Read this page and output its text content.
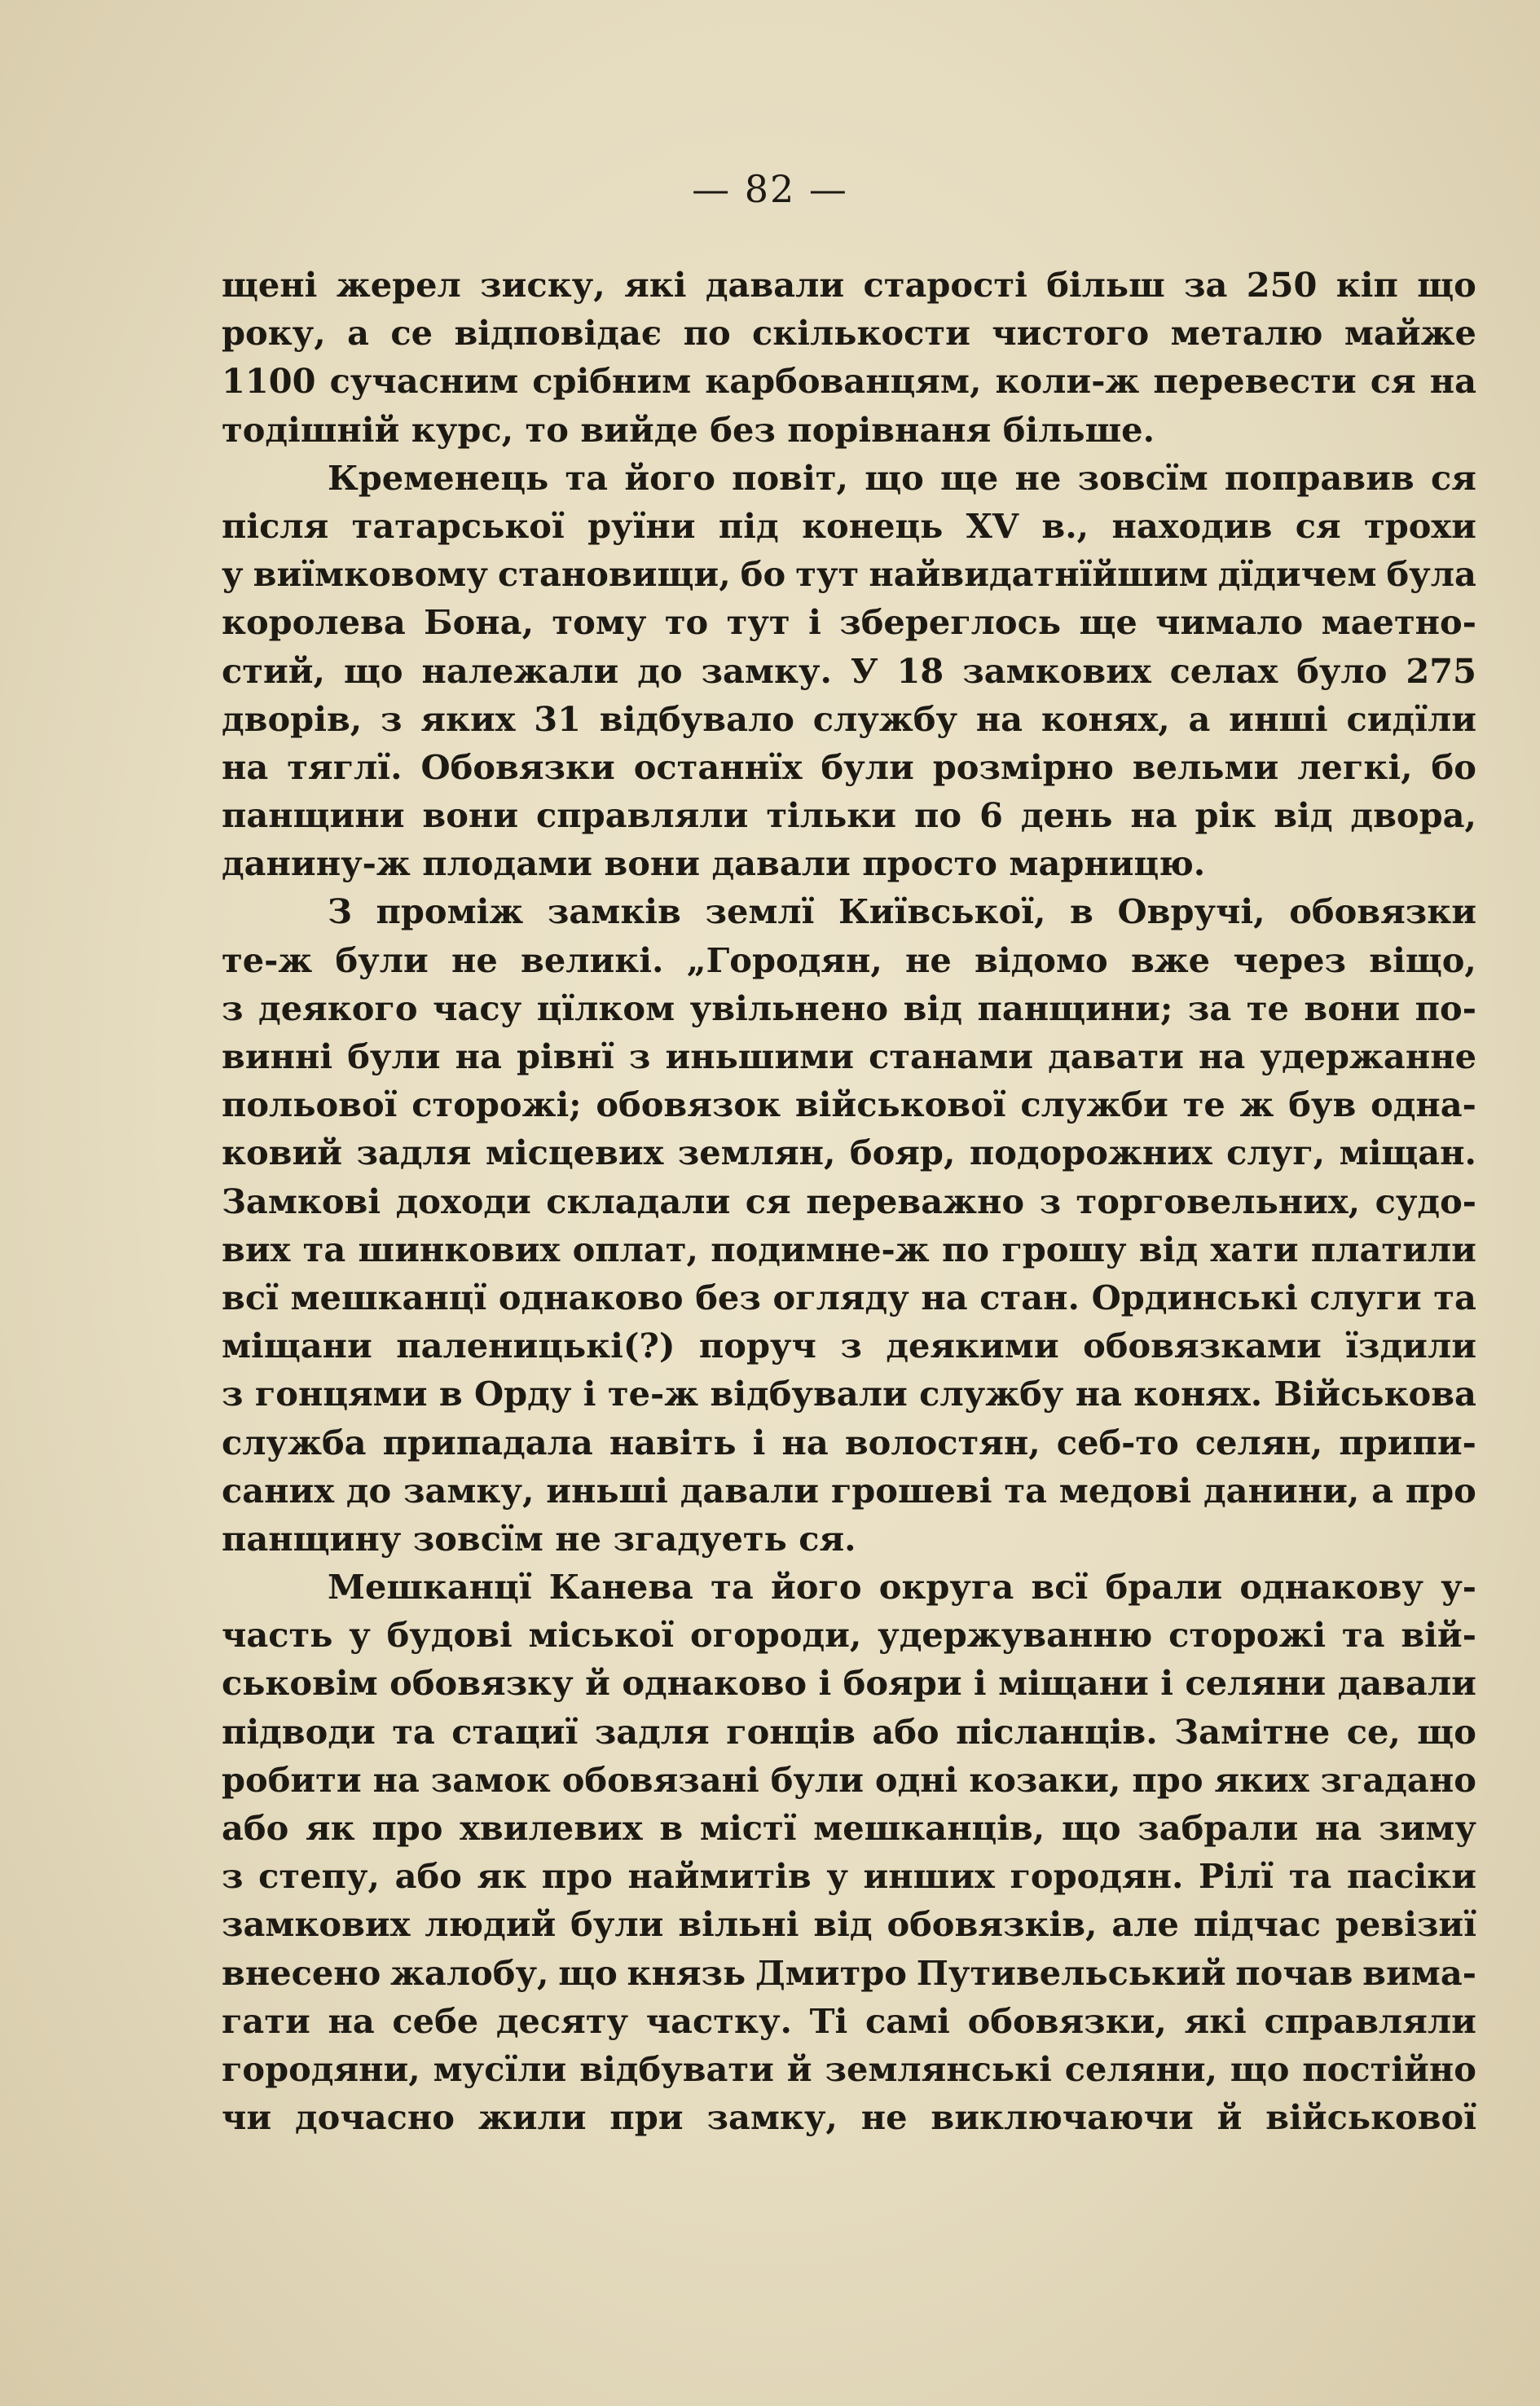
— 82 —
щені жерел зиску, які давали старості більш за 250 кіп що
року, а се відповідає по скількости чистого металю майже
1100 сучасним срібним карбованцям, коли-ж перевести ся на
тодішній курс, то вийде без порівнаня більше.
Кременець та його повіт, що ще не зовсїм поправив ся
після татарської руїни під конець XV в., находив ся трохи
у виїмковому становищи, бо тут найвидатнїйшим дїдичем була
королева Бона, тому то тут і збереглось ще чимало маетно-
стий, що належали до замку. У 18 замкових селах було 275
дворів, з яких 31 відбувало службу на конях, а инші сидїли
на тяглї. Обовязки останнїх були розмірно вельми легкі, бо
панщини вони справляли тільки по 6 день на рік від двора,
данину-ж плодами вони давали просто марницю.
З проміж замків землї Київської, в Овручі, обовязки
те-ж були не великі. „Городян, не відомо вже через віщо,
з деякого часу цїлком увільнено від панщини; за те вони по-
винні були на рівнї з иньшими станами давати на удержанне
польової сторожі; обовязок військової служби те ж був одна-
ковий задля місцевих землян, бояр, подорожних слуг, міщан.
Замкові доходи складали ся переважно з торговельних, судо-
вих та шинкових оплат, подимне-ж по грошу від хати платили
всї мешканцї однаково без огляду на стан. Ординські слуги та
міщани паленицькі(?) поруч з деякими обовязками їздили
з гонцями в Орду і те-ж відбували службу на конях. Військова
служба припадала навіть і на волостян, себ-то селян, припи-
саних до замку, иньші давали грошеві та медові данини, а про
панщину зовсїм не згадуеть ся.
Мешканцї Канева та його округа всї брали однакову у-
часть у будові міської огороди, удержуванню сторожі та вій-
ськовім обовязку й однаково і бояри і міщани і селяни давали
підводи та стациї задля гонців або післанців. Замітне се, що
робити на замок обовязані були одні козаки, про яких згадано
або як про хвилевих в містї мешканців, що забрали на зиму
з степу, або як про наймитів у инших городян. Рілї та пасіки
замкових людий були вільні від обовязків, але підчас ревізиї
внесено жалобу, що князь Дмитро Путивельський почав вима-
гати на себе десяту частку. Ті самі обовязки, які справляли
городяни, мусїли відбувати й землянські селяни, що постійно
чи дочасно жили при замку, не виключаючи й військової
